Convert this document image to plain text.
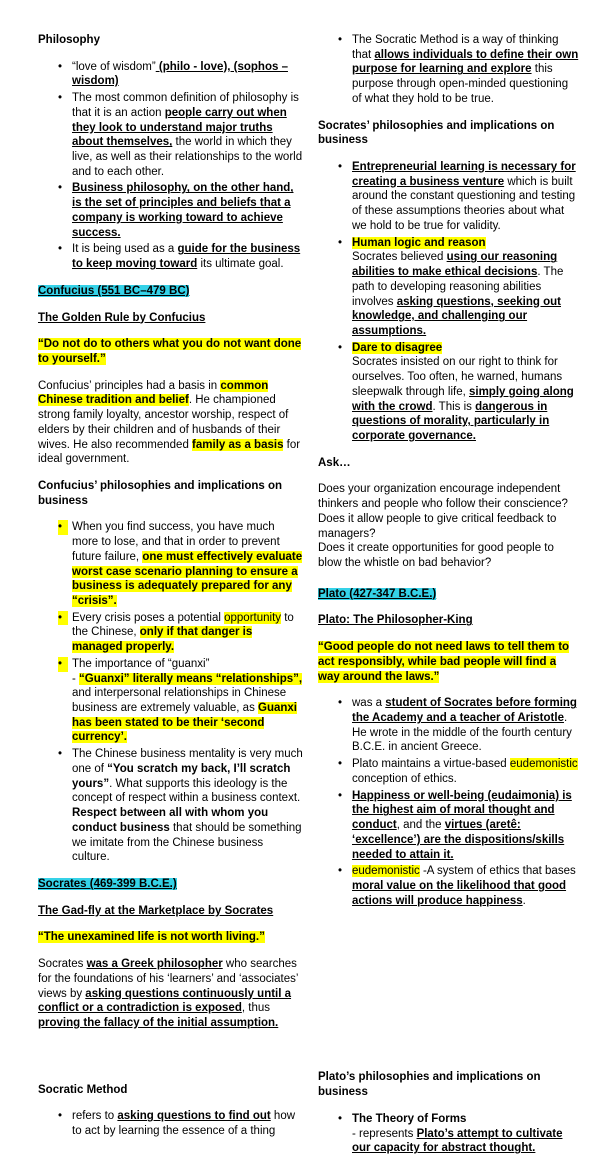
Philosophy
• “love of wisdom” (philo - love), (sophos – wisdom)
• The most common definition of philosophy is that it is an action people carry out when they look to understand major truths about themselves, the world in which they live, as well as their relationships to the world and to each other.
• Business philosophy, on the other hand, is the set of principles and beliefs that a company is working toward to achieve success.
• It is being used as a guide for the business to keep moving toward its ultimate goal.
Confucius (551 BC–479 BC)
The Golden Rule by Confucius
“Do not do to others what you do not want done to yourself.”
Confucius’ principles had a basis in common Chinese tradition and belief. He championed strong family loyalty, ancestor worship, respect of elders by their children and of husbands of their wives. He also recommended family as a basis for ideal government.
Confucius’ philosophies and implications on business
• When you find success, you have much more to lose, and that in order to prevent future failure, one must effectively evaluate worst case scenario planning to ensure a business is adequately prepared for any “crisis”.
• Every crisis poses a potential opportunity to the Chinese, only if that danger is managed properly.
• The importance of “guanxi”
- “Guanxi” literally means “relationships”, and interpersonal relationships in Chinese business are extremely valuable, as Guanxi has been stated to be their ‘second currency’.
• The Chinese business mentality is very much one of “You scratch my back, I’ll scratch yours”. What supports this ideology is the concept of respect within a business context. Respect between all with whom you conduct business that should be something we imitate from the Chinese business culture.
Socrates (469-399 B.C.E.)
The Gad-fly at the Marketplace by Socrates
“The unexamined life is not worth living.”
Socrates was a Greek philosopher who searches for the foundations of his ‘learners’ and ‘associates’ views by asking questions continuously until a conflict or a contradiction is exposed, thus proving the fallacy of the initial assumption.
Socratic Method
• refers to asking questions to find out how to act by learning the essence of a thing
• The Socratic Method is a way of thinking that allows individuals to define their own purpose for learning and explore this purpose through open-minded questioning of what they hold to be true.
Socrates’ philosophies and implications on business
• Entrepreneurial learning is necessary for creating a business venture which is built around the constant questioning and testing of these assumptions theories about what we hold to be true for validity.
• Human logic and reason
Socrates believed using our reasoning abilities to make ethical decisions. The path to developing reasoning abilities involves asking questions, seeking out knowledge, and challenging our assumptions.
• Dare to disagree
Socrates insisted on our right to think for ourselves. Too often, he warned, humans sleepwalk through life, simply going along with the crowd. This is dangerous in questions of morality, particularly in corporate governance.
Ask…
Does your organization encourage independent thinkers and people who follow their conscience?
Does it allow people to give critical feedback to managers?
Does it create opportunities for good people to blow the whistle on bad behavior?
Plato (427-347 B.C.E.)
Plato: The Philosopher-King
“Good people do not need laws to tell them to act responsibly, while bad people will find a way around the laws.”
• was a student of Socrates before forming the Academy and a teacher of Aristotle. He wrote in the middle of the fourth century B.C.E. in ancient Greece.
• Plato maintains a virtue-based eudemonistic conception of ethics.
• Happiness or well-being (eudaimonia) is the highest aim of moral thought and conduct, and the virtues (aretê: ‘excellence’) are the dispositions/skills needed to attain it.
• eudemonistic -A system of ethics that bases moral value on the likelihood that good actions will produce happiness.
Plato’s philosophies and implications on business
• The Theory of Forms
- represents Plato’s attempt to cultivate our capacity for abstract thought.
